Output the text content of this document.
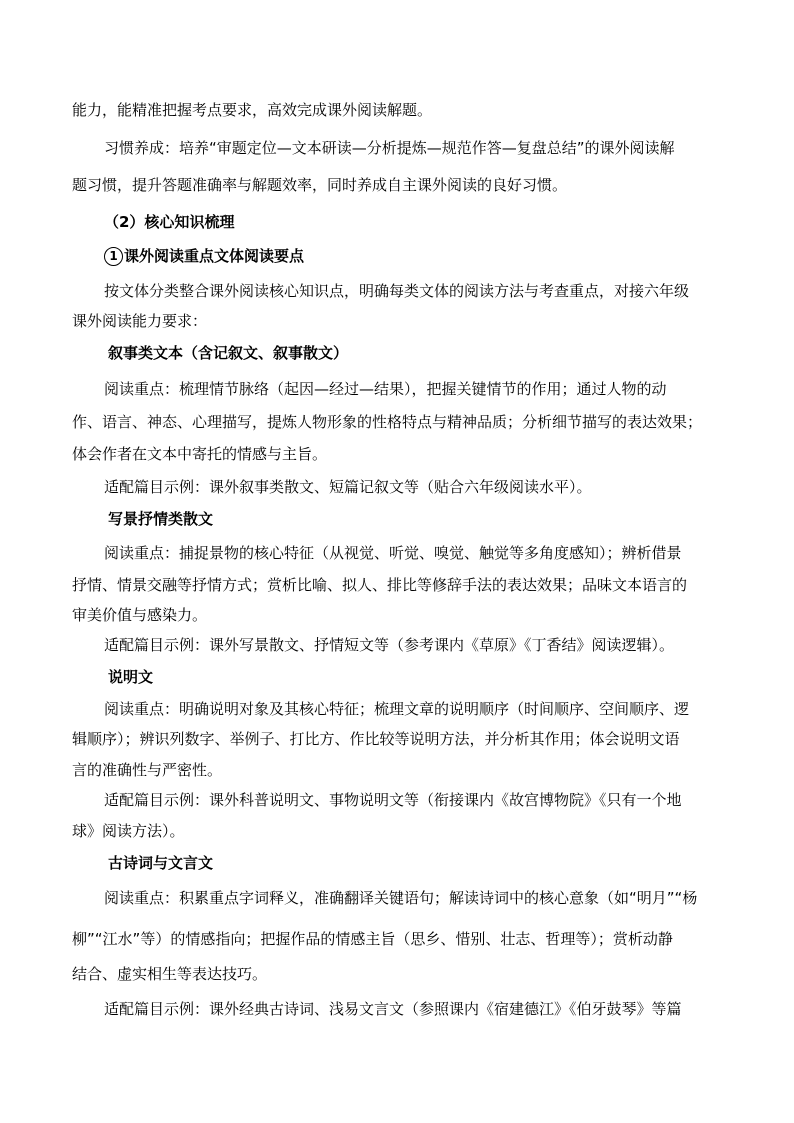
能力，能精准把握考点要求，高效完成课外阅读解题。
习惯养成：培养“审题定位—文本研读—分析提炼—规范作答—复盘总结”的课外阅读解
题习惯，提升答题准确率与解题效率，同时养成自主课外阅读的良好习惯。
（2）核心知识梳理
1 课外阅读重点文体阅读要点
按文体分类整合课外阅读核心知识点，明确每类文体的阅读方法与考查重点，对接六年级
课外阅读能力要求：
叙事类文本（含记叙文、叙事散文）
阅读重点：梳理情节脉络（起因—经过—结果），把握关键情节的作用；通过人物的动
作、语言、神态、心理描写，提炼人物形象的性格特点与精神品质；分析细节描写的表达效果；
体会作者在文本中寄托的情感与主旨。
适配篇目示例：课外叙事类散文、短篇记叙文等（贴合六年级阅读水平）。
写景抒情类散文
阅读重点：捕捉景物的核心特征（从视觉、听觉、嗅觉、触觉等多角度感知）；辨析借景
抒情、情景交融等抒情方式；赏析比喻、拟人、排比等修辞手法的表达效果；品味文本语言的
审美价值与感染力。
适配篇目示例：课外写景散文、抒情短文等（参考课内《草原》《丁香结》阅读逻辑）。
说明文
阅读重点：明确说明对象及其核心特征；梳理文章的说明顺序（时间顺序、空间顺序、逻
辑顺序）；辨识列数字、举例子、打比方、作比较等说明方法，并分析其作用；体会说明文语
言的准确性与严密性。
适配篇目示例：课外科普说明文、事物说明文等（衔接课内《故宫博物院》《只有一个地
球》阅读方法）。
古诗词与文言文
阅读重点：积累重点字词释义，准确翻译关键语句；解读诗词中的核心意象（如“明月”“杨
柳”“江水”等）的情感指向；把握作品的情感主旨（思乡、惜别、壮志、哲理等）；赏析动静
结合、虚实相生等表达技巧。
适配篇目示例：课外经典古诗词、浅易文言文（参照课内《宿建德江》《伯牙鼓琴》等篇
